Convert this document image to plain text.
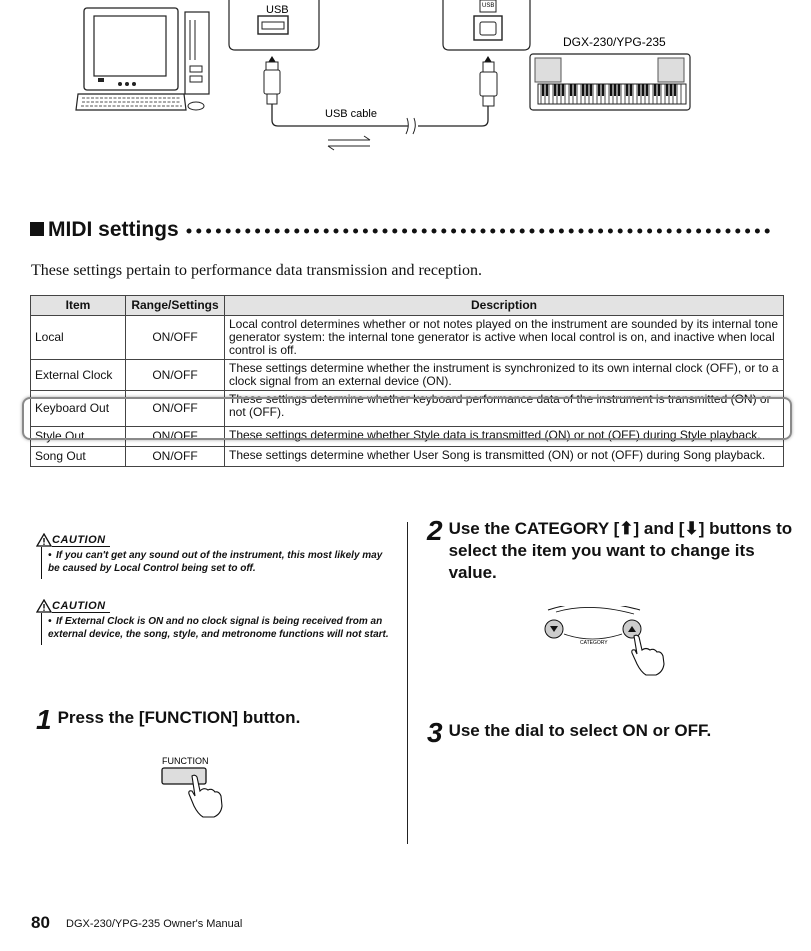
USB	USB
USB cable
DGX-230/YPG-235
MIDI settings
These settings pertain to performance data transmission and reception.
Item	Range/Settings	Description
Local	ON/OFF	Local control determines whether or not notes played on the instrument are sounded by its internal tone generator system: the internal tone generator is active when local control is on, and inactive when local control is off.
External Clock	ON/OFF	These settings determine whether the instrument is synchronized to its own internal clock (OFF), or to a clock signal from an external device (ON).
Keyboard Out	ON/OFF	These settings determine whether keyboard performance data of the instrument is transmitted (ON) or not (OFF).
Style Out	ON/OFF	These settings determine whether Style data is transmitted (ON) or not (OFF) during Style playback.
Song Out	ON/OFF	These settings determine whether User Song is transmitted (ON) or not (OFF) during Song playback.
CAUTION
• If you can't get any sound out of the instrument, this most likely may be caused by Local Control being set to off.
CAUTION
• If External Clock is ON and no clock signal is being received from an external device, the song, style, and metronome functions will not start.
1 Press the [FUNCTION] button.
FUNCTION
2 Use the CATEGORY [⬆] and [⬇] buttons to select the item you want to change its value.
CATEGORY
3 Use the dial to select ON or OFF.
80 DGX-230/YPG-235 Owner's Manual
